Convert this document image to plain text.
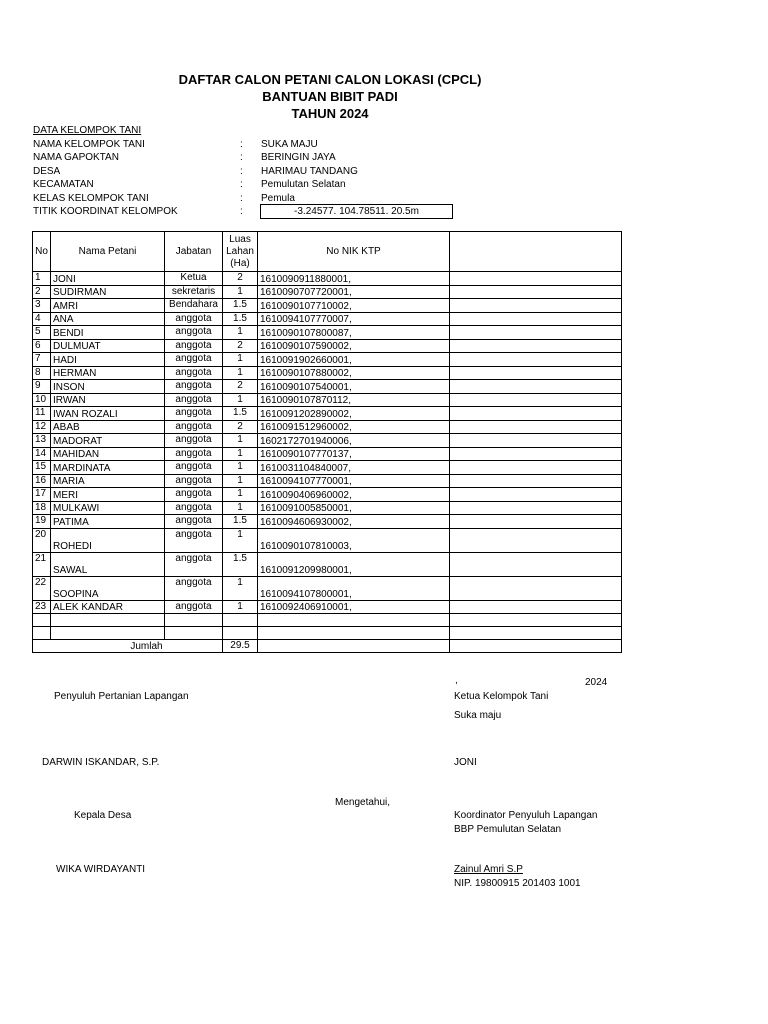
DAFTAR CALON PETANI CALON LOKASI (CPCL)
BANTUAN BIBIT PADI
TAHUN 2024
DATA KELOMPOK TANI
NAMA KELOMPOK TANI	: SUKA MAJU
NAMA GAPOKTAN	: BERINGIN JAYA
DESA	: HARIMAU TANDANG
KECAMATAN	: Pemulutan Selatan
KELAS KELOMPOK TANI	: Pemula
TITIK KOORDINAT KELOMPOK	:	-3.24577. 104.78511. 20.5m
No	Nama Petani	Jabatan	Luas Lahan (Ha)	No NIK KTP	
1	JONI	Ketua	2	1610090911880001,	
2	SUDIRMAN	sekretaris	1	1610090707720001,	
3	AMRI	Bendahara	1.5	1610090107710002,	
4	ANA	anggota	1.5	1610094107770007,	
5	BENDI	anggota	1	1610090107800087,	
6	DULMUAT	anggota	2	1610090107590002,	
7	HADI	anggota	1	1610091902660001,	
8	HERMAN	anggota	1	1610090107880002,	
9	INSON	anggota	2	1610090107540001,	
10	IRWAN	anggota	1	1610090107870112,	
11	IWAN ROZALI	anggota	1.5	1610091202890002,	
12	ABAB	anggota	2	1610091512960002,	
13	MADORAT	anggota	1	1602172701940006,	
14	MAHIDAN	anggota	1	1610090107770137,	
15	MARDINATA	anggota	1	1610031104840007,	
16	MARIA	anggota	1	1610094107770001,	
17	MERI	anggota	1	1610090406960002,	
18	MULKAWI	anggota	1	1610091005850001,	
19	PATIMA	anggota	1.5	1610094606930002,	
20	ROHEDI	anggota	1	1610090107810003,	
21	SAWAL	anggota	1.5	1610091209980001,	
22	SOOPINA	anggota	1	1610094107800001,	
23	ALEK KANDAR	anggota	1	1610092406910001,	

Jumlah			29.5		
,	2024
Penyuluh Pertanian Lapangan	Ketua Kelompok Tani
Suka maju
DARWIN ISKANDAR, S.P.	JONI
Mengetahui,
Kepala Desa	Koordinator Penyuluh Lapangan
BBP Pemulutan Selatan
WIKA WIRDAYANTI	Zainul Amri S.P
NIP. 19800915 201403 1001
